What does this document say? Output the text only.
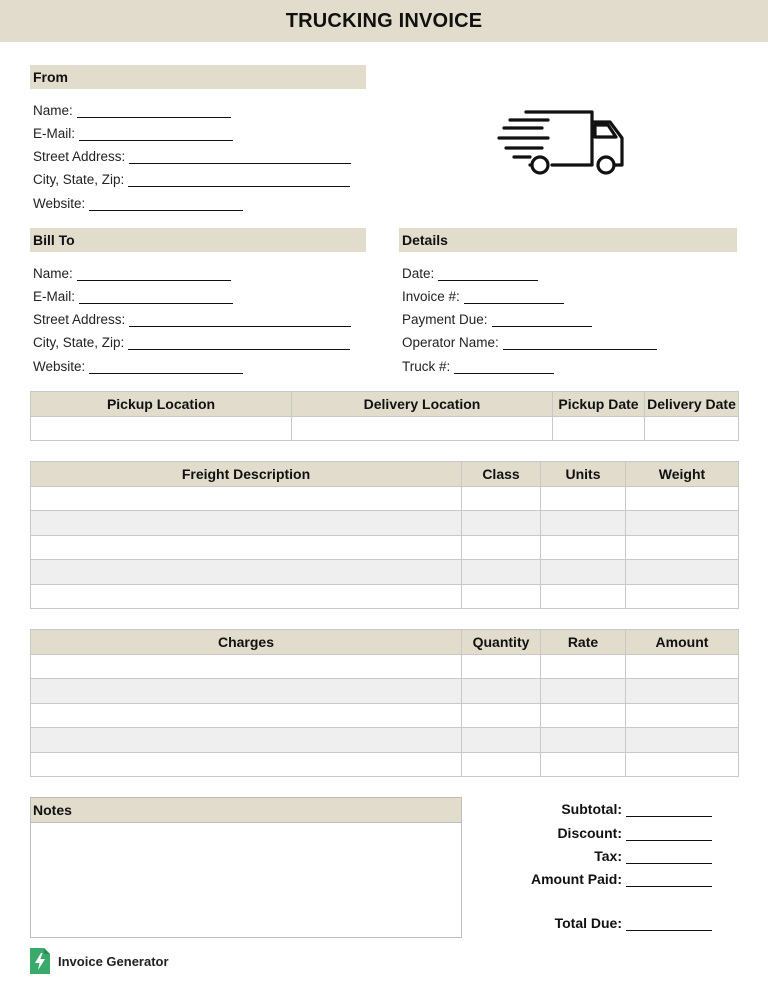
TRUCKING INVOICE
From
Name:
E-Mail:
Street Address:
City, State, Zip:
Website:
Bill To
Name:
E-Mail:
Street Address:
City, State, Zip:
Website:
Details
Date:
Invoice #:
Payment Due:
Operator Name:
Truck #:
Pickup Location	Delivery Location	Pickup Date	Delivery Date

Freight Description	Class	Units	Weight

Charges	Quantity	Rate	Amount

Notes	Subtotal:
Discount:
Tax:
Amount Paid:
Total Due:
Invoice Generator
